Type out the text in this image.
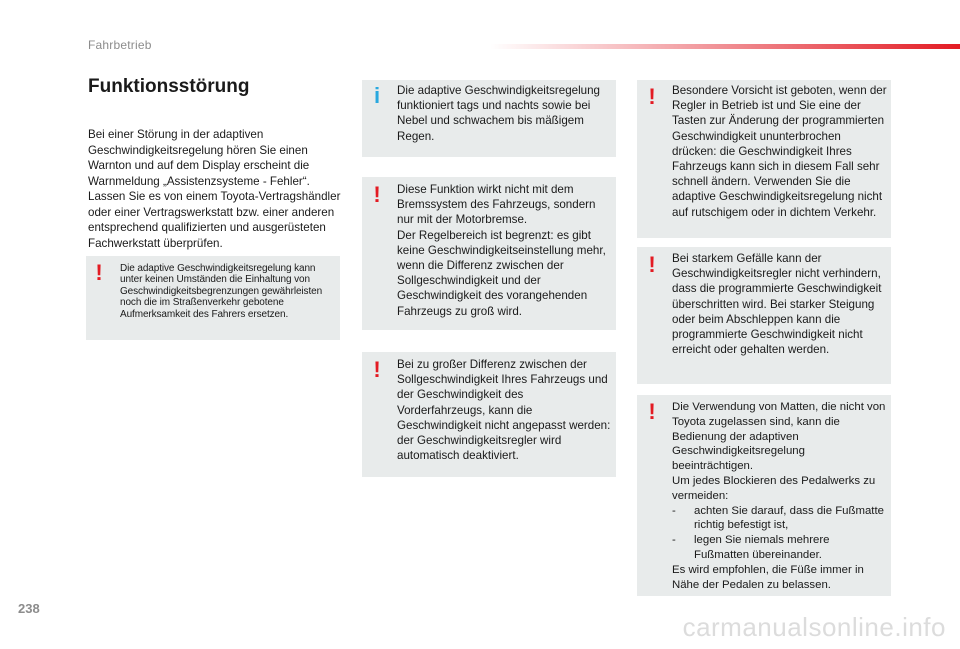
Fahrbetrieb
Funktionsstörung
Bei einer Störung in der adaptiven Geschwindigkeitsregelung hören Sie einen Warnton und auf dem Display erscheint die Warnmeldung „Assistenzsysteme - Fehler“. Lassen Sie es von einem Toyota-Vertragshändler oder einer Vertragswerkstatt bzw. einer anderen entsprechend qualifizierten und ausgerüsteten Fachwerkstatt überprüfen.
! Die adaptive Geschwindigkeitsregelung kann unter keinen Umständen die Einhaltung von Geschwindigkeitsbegrenzungen gewährleisten noch die im Straßenverkehr gebotene Aufmerksamkeit des Fahrers ersetzen.
i Die adaptive Geschwindigkeitsregelung funktioniert tags und nachts sowie bei Nebel und schwachem bis mäßigem Regen.
! Diese Funktion wirkt nicht mit dem Bremssystem des Fahrzeugs, sondern nur mit der Motorbremse.
Der Regelbereich ist begrenzt: es gibt keine Geschwindigkeitseinstellung mehr, wenn die Differenz zwischen der Sollgeschwindigkeit und der Geschwindigkeit des vorangehenden Fahrzeugs zu groß wird.
! Bei zu großer Differenz zwischen der Sollgeschwindigkeit Ihres Fahrzeugs und der Geschwindigkeit des Vorderfahrzeugs, kann die Geschwindigkeit nicht angepasst werden: der Geschwindigkeitsregler wird automatisch deaktiviert.
! Besondere Vorsicht ist geboten, wenn der Regler in Betrieb ist und Sie eine der Tasten zur Änderung der programmierten Geschwindigkeit ununterbrochen drücken: die Geschwindigkeit Ihres Fahrzeugs kann sich in diesem Fall sehr schnell ändern. Verwenden Sie die adaptive Geschwindigkeitsregelung nicht auf rutschigem oder in dichtem Verkehr.
! Bei starkem Gefälle kann der Geschwindigkeitsregler nicht verhindern, dass die programmierte Geschwindigkeit überschritten wird. Bei starker Steigung oder beim Abschleppen kann die programmierte Geschwindigkeit nicht erreicht oder gehalten werden.
! Die Verwendung von Matten, die nicht von Toyota zugelassen sind, kann die Bedienung der adaptiven Geschwindigkeitsregelung beeinträchtigen.
Um jedes Blockieren des Pedalwerks zu vermeiden:
- achten Sie darauf, dass die Fußmatte richtig befestigt ist,
- legen Sie niemals mehrere Fußmatten übereinander.
Es wird empfohlen, die Füße immer in Nähe der Pedalen zu belassen.
238
carmanualsonline.info
